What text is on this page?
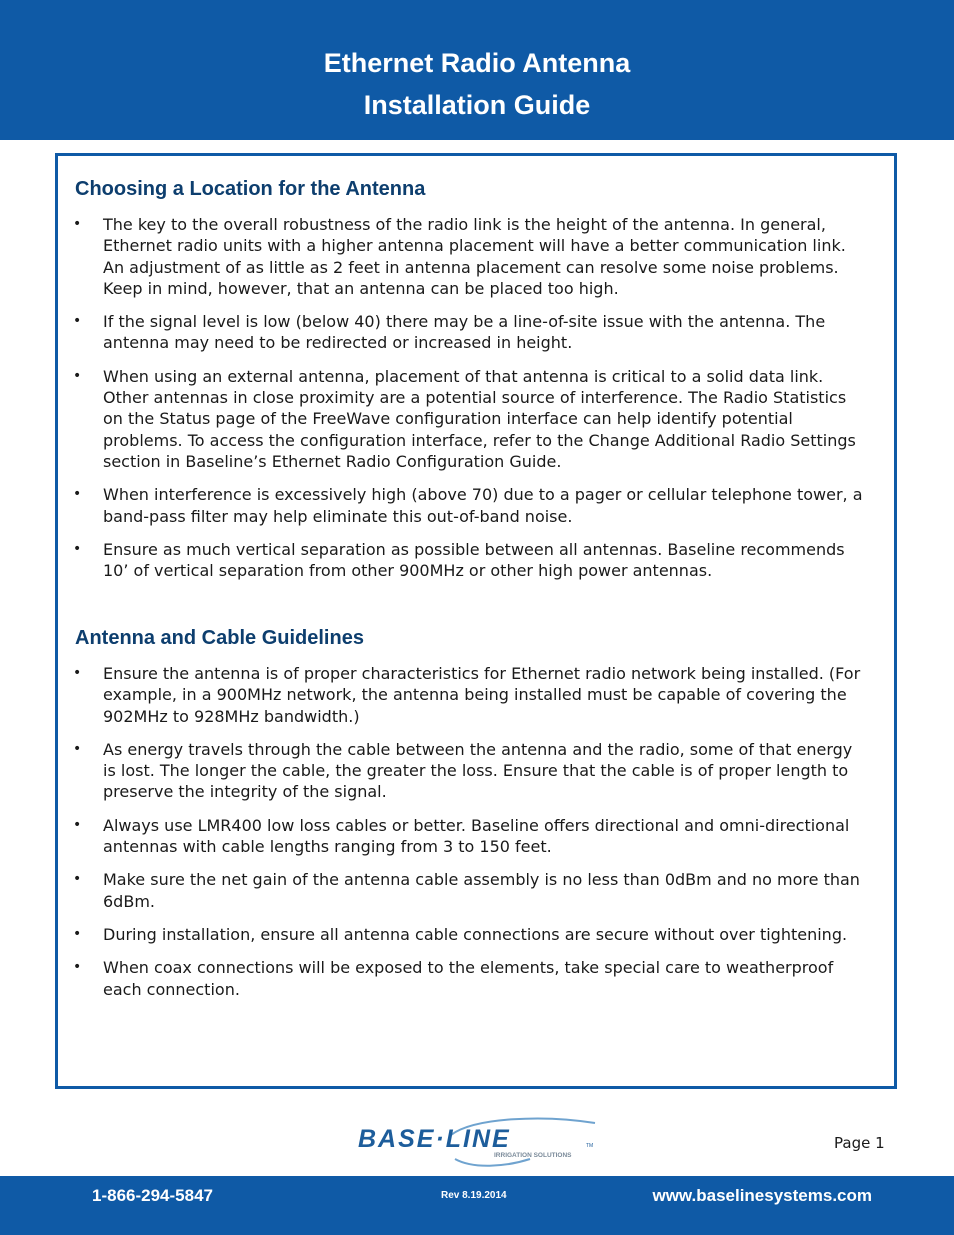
Ethernet Radio Antenna
Installation Guide
Choosing a Location for the Antenna
• The key to the overall robustness of the radio link is the height of the antenna. In general, Ethernet radio units with a higher antenna placement will have a better communication link. An adjustment of as little as 2 feet in antenna placement can resolve some noise problems. Keep in mind, however, that an antenna can be placed too high.
• If the signal level is low (below 40) there may be a line-of-site issue with the antenna. The antenna may need to be redirected or increased in height.
• When using an external antenna, placement of that antenna is critical to a solid data link. Other antennas in close proximity are a potential source of interference. The Radio Statistics on the Status page of the FreeWave configuration interface can help identify potential problems. To access the configuration interface, refer to the Change Additional Radio Settings section in Baseline’s Ethernet Radio Configuration Guide.
• When interference is excessively high (above 70) due to a pager or cellular telephone tower, a band-pass filter may help eliminate this out-of-band noise.
• Ensure as much vertical separation as possible between all antennas. Baseline recommends 10’ of vertical separation from other 900MHz or other high power antennas.
Antenna and Cable Guidelines
• Ensure the antenna is of proper characteristics for Ethernet radio network being installed. (For example, in a 900MHz network, the antenna being installed must be capable of covering the 902MHz to 928MHz bandwidth.)
• As energy travels through the cable between the antenna and the radio, some of that energy is lost. The longer the cable, the greater the loss. Ensure that the cable is of proper length to preserve the integrity of the signal.
• Always use LMR400 low loss cables or better. Baseline offers directional and omni-directional antennas with cable lengths ranging from 3 to 150 feet.
• Make sure the net gain of the antenna cable assembly is no less than 0dBm and no more than 6dBm.
• During installation, ensure all antenna cable connections are secure without over tightening.
• When coax connections will be exposed to the elements, take special care to weatherproof each connection.
BASE·LINE	TM
IRRIGATION SOLUTIONS
Page 1
1-866-294-5847	Rev 8.19.2014	www.baselinesystems.com
